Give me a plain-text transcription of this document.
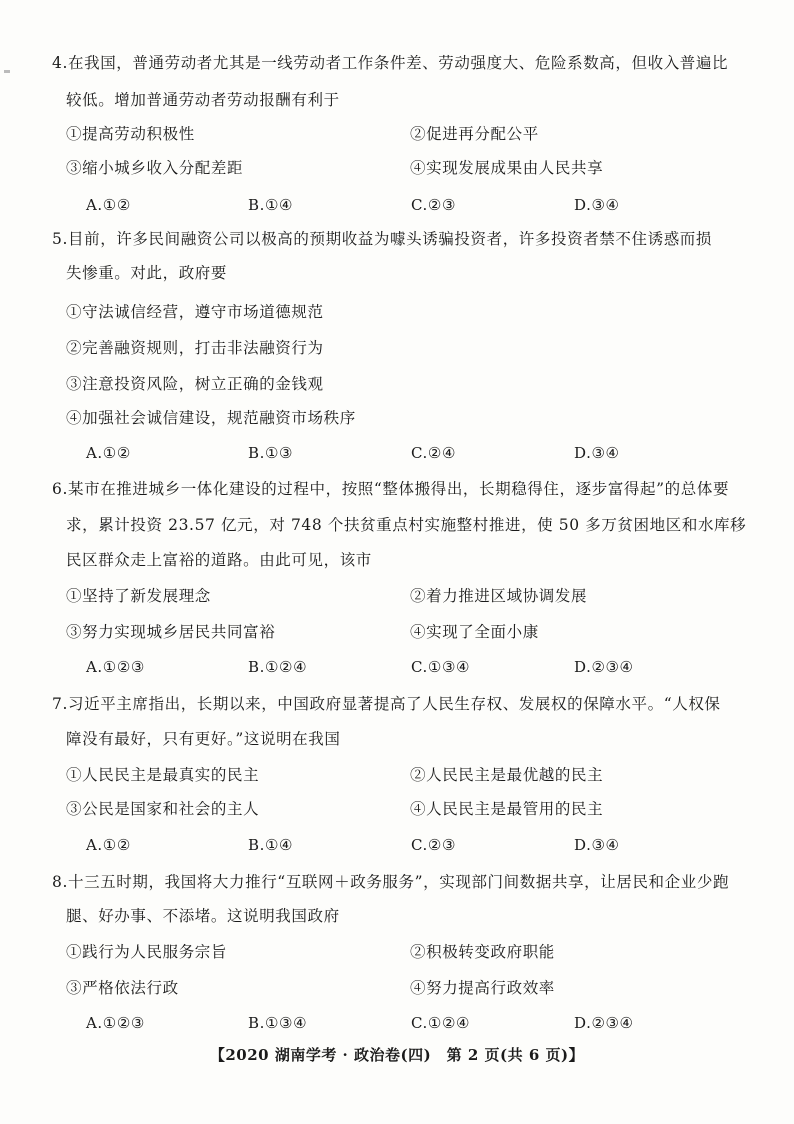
4.在我国，普通劳动者尤其是一线劳动者工作条件差、劳动强度大、危险系数高，但收入普遍比
较低。增加普通劳动者劳动报酬有利于
①提高劳动积极性	②促进再分配公平
③缩小城乡收入分配差距	④实现发展成果由人民共享
A.①②	B.①④	C.②③	D.③④
5.目前，许多民间融资公司以极高的预期收益为噱头诱骗投资者，许多投资者禁不住诱惑而损
失惨重。对此，政府要
①守法诚信经营，遵守市场道德规范
②完善融资规则，打击非法融资行为
③注意投资风险，树立正确的金钱观
④加强社会诚信建设，规范融资市场秩序
A.①②	B.①③	C.②④	D.③④
6.某市在推进城乡一体化建设的过程中，按照“整体搬得出，长期稳得住，逐步富得起”的总体要
求，累计投资 23.57 亿元，对 748 个扶贫重点村实施整村推进，使 50 多万贫困地区和水库移
民区群众走上富裕的道路。由此可见，该市
①坚持了新发展理念	②着力推进区域协调发展
③努力实现城乡居民共同富裕	④实现了全面小康
A.①②③	B.①②④	C.①③④	D.②③④
7.习近平主席指出，长期以来，中国政府显著提高了人民生存权、发展权的保障水平。“人权保
障没有最好，只有更好。”这说明在我国
①人民民主是最真实的民主	②人民民主是最优越的民主
③公民是国家和社会的主人	④人民民主是最管用的民主
A.①②	B.①④	C.②③	D.③④
8.十三五时期，我国将大力推行“互联网＋政务服务”，实现部门间数据共享，让居民和企业少跑
腿、好办事、不添堵。这说明我国政府
①践行为人民服务宗旨	②积极转变政府职能
③严格依法行政	④努力提高行政效率
A.①②③	B.①③④	C.①②④	D.②③④
【2020 湖南学考 · 政治卷(四)　第 2 页(共 6 页)】
